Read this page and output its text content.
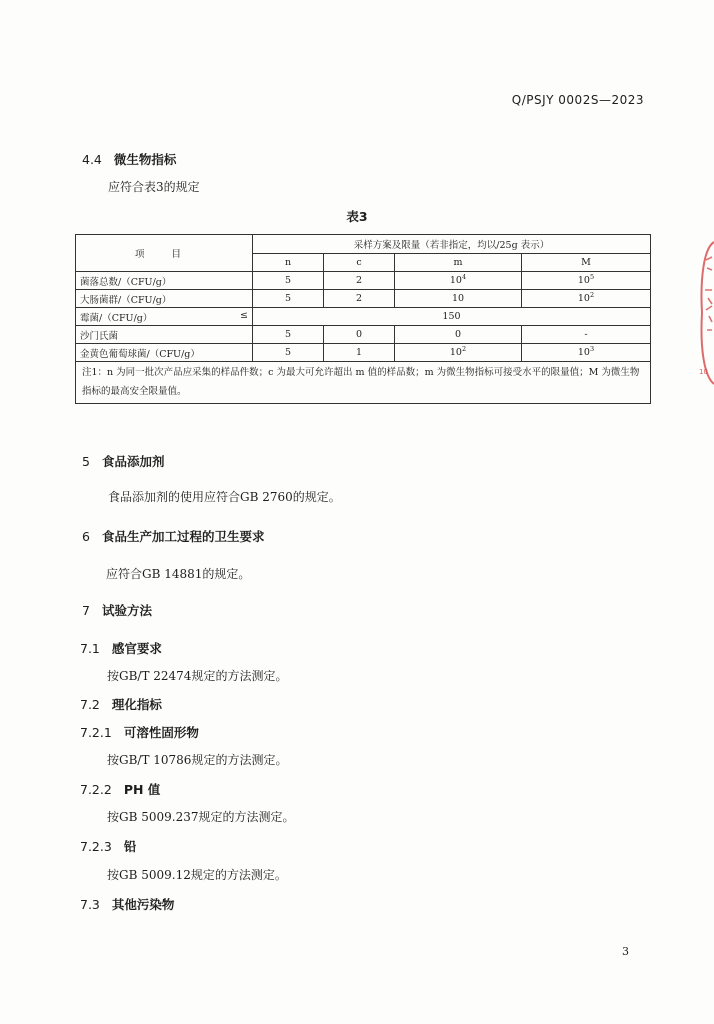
Q/PSJY 0002S—2023
4.4 微生物指标
应符合表3的规定
表3
项 目	采样方案及限量（若非指定，均以/25g 表示）			
	n	c	m	M
菌落总数/（CFU/g）	5	2	$10^4$	$10^5$
大肠菌群/（CFU/g）	5	2	10	$10^2$
霉菌/（CFU/g） ≤	150			
沙门氏菌	5	0	0	-
金黄色葡萄球菌/（CFU/g）	5	1	$10^2$	$10^3$
注1：n 为同一批次产品应采集的样品件数；c 为最大可允许超出 m 值的样品数；m 为微生物指标可接受水平的限量值；M 为微生物指标的最高安全限量值。				
5 食品添加剂
食品添加剂的使用应符合GB 2760的规定。
6 食品生产加工过程的卫生要求
应符合GB 14881的规定。
7 试验方法
7.1 感官要求
按GB/T 22474规定的方法测定。
7.2 理化指标
7.2.1 可溶性固形物
按GB/T 10786规定的方法测定。
7.2.2 PH 值
按GB 5009.237规定的方法测定。
7.2.3 铅
按GB 5009.12规定的方法测定。
7.3 其他污染物
3
10
